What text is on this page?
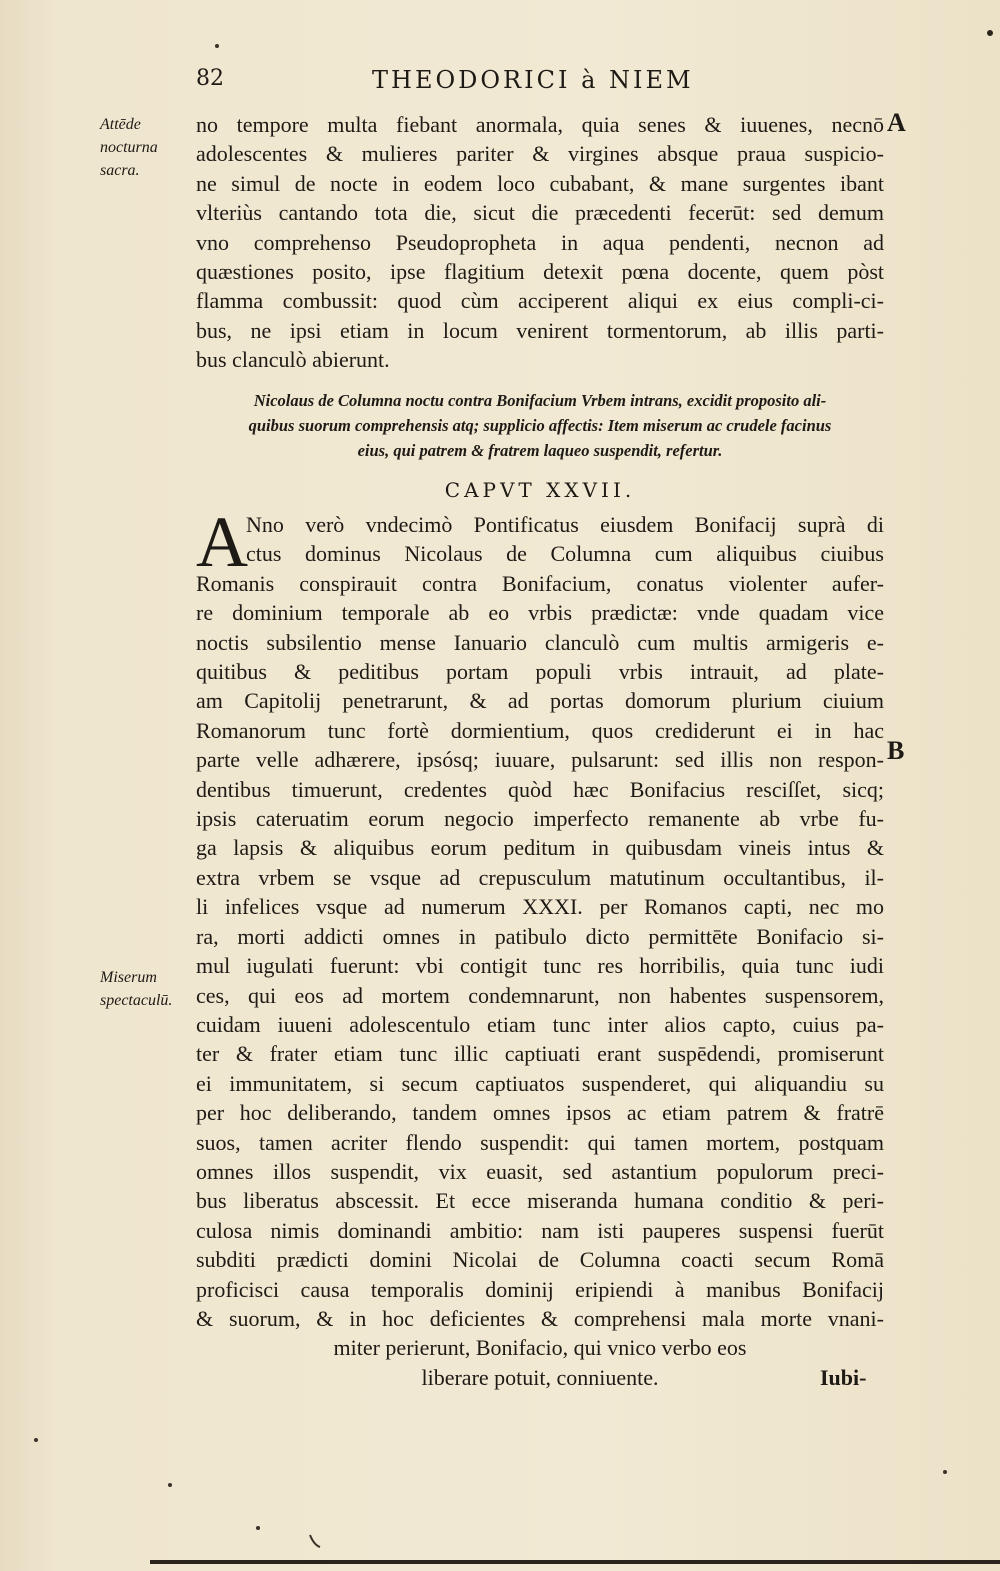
82	THEODORICI à NIEM
Attēde nocturna sacra.
Miserum spectaculū.
A
B
no tempore multa fiebant anormala, quia senes & iuuenes, necnō
adolescentes & mulieres pariter & virgines absque praua suspicio-
ne simul de nocte in eodem loco cubabant, & mane surgentes ibant
vlteriùs cantando tota die, sicut die præcedenti fecerūt: sed demum
vno comprehenso Pseudopropheta in aqua pendenti, necnon ad
quæstiones posito, ipse flagitium detexit pœna docente, quem pòst
flamma combussit: quod cùm acciperent aliqui ex eius compli-ci-
bus, ne ipsi etiam in locum venirent tormentorum, ab illis parti-
bus clanculò abierunt.
Nicolaus de Columna noctu contra Bonifacium Vrbem intrans, excidit proposito ali-
quibus suorum comprehensis atq; supplicio affectis: Item miserum ac crudele facinus
eius, qui patrem & fratrem laqueo suspendit, refertur.
CAPVT XXVII.
A
Nno verò vndecimò Pontificatus eiusdem Bonifacij suprà di
ctus dominus Nicolaus de Columna cum aliquibus ciuibus
Romanis conspirauit contra Bonifacium, conatus violenter aufer-
re dominium temporale ab eo vrbis prædictæ: vnde quadam vice
noctis subsilentio mense Ianuario clanculò cum multis armigeris e-
quitibus & peditibus portam populi vrbis intrauit, ad plate-
am Capitolij penetrarunt, & ad portas domorum plurium ciuium
Romanorum tunc fortè dormientium, quos crediderunt ei in hac
parte velle adhærere, ipsósq; iuuare, pulsarunt: sed illis non respon-
dentibus timuerunt, credentes quòd hæc Bonifacius resciſſet, sicq;
ipsis cateruatim eorum negocio imperfecto remanente ab vrbe fu-
ga lapsis & aliquibus eorum peditum in quibusdam vineis intus &
extra vrbem se vsque ad crepusculum matutinum occultantibus, il-
li infelices vsque ad numerum XXXI. per Romanos capti, nec mo
ra, morti addicti omnes in patibulo dicto permittēte Bonifacio si-
mul iugulati fuerunt: vbi contigit tunc res horribilis, quia tunc iudi
ces, qui eos ad mortem condemnarunt, non habentes suspensorem,
cuidam iuueni adolescentulo etiam tunc inter alios capto, cuius pa-
ter & frater etiam tunc illic captiuati erant suspēdendi, promiserunt
ei immunitatem, si secum captiuatos suspenderet, qui aliquandiu su
per hoc deliberando, tandem omnes ipsos ac etiam patrem & fratrē
suos, tamen acriter flendo suspendit: qui tamen mortem, postquam
omnes illos suspendit, vix euasit, sed astantium populorum preci-
bus liberatus abscessit. Et ecce miseranda humana conditio & peri-
culosa nimis dominandi ambitio: nam isti pauperes suspensi fuerūt
subditi prædicti domini Nicolai de Columna coacti secum Romā
proficisci causa temporalis dominij eripiendi à manibus Bonifacij
& suorum, & in hoc deficientes & comprehensi mala morte vnani-
miter perierunt, Bonifacio, qui vnico verbo eos
liberare potuit, conniuente.	Iubi-
